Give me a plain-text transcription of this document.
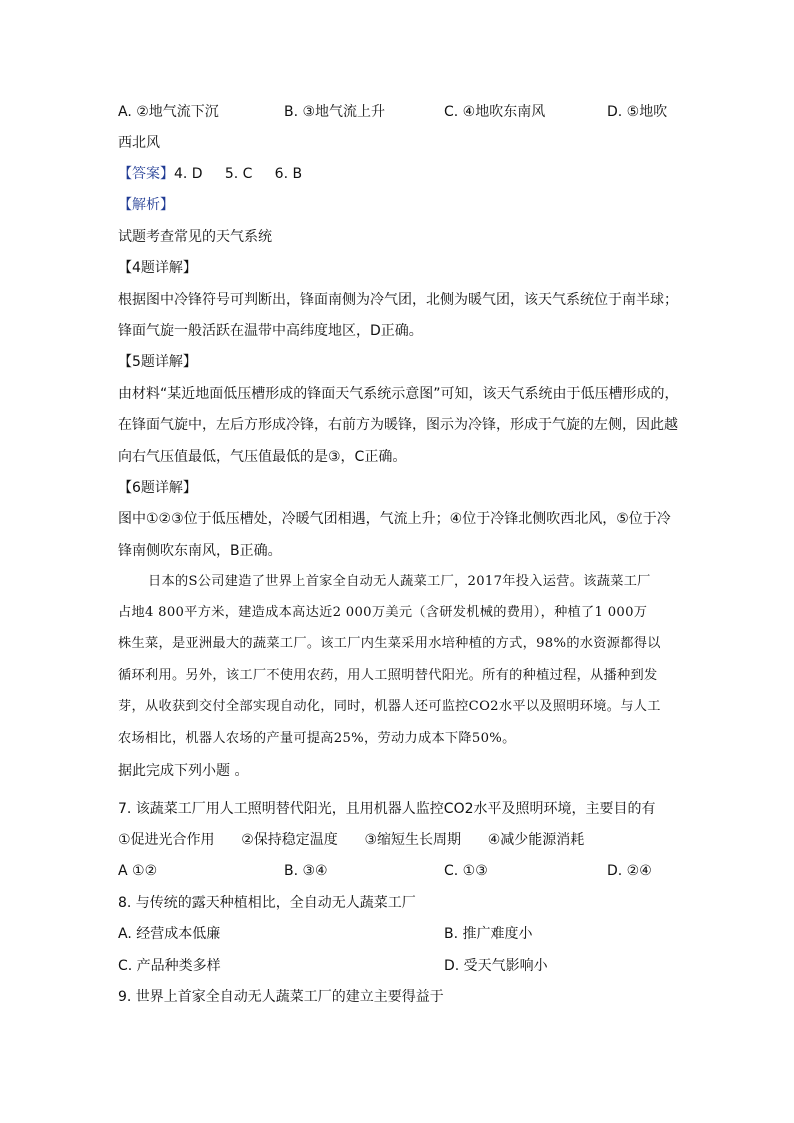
A. ②地气流下沉	B. ③地气流上升	C. ④地吹东南风	D. ⑤地吹
西北风
【答案】4. D     5. C     6. B
【解析】
试题考查常见的天气系统
【4题详解】
根据图中冷锋符号可判断出，锋面南侧为冷气团，北侧为暖气团，该天气系统位于南半球；
锋面气旋一般活跃在温带中高纬度地区，D正确。
【5题详解】
由材料“某近地面低压槽形成的锋面天气系统示意图”可知，该天气系统由于低压槽形成的，
在锋面气旋中，左后方形成冷锋，右前方为暖锋，图示为冷锋，形成于气旋的左侧，因此越
向右气压值最低，气压值最低的是③，C正确。
【6题详解】
图中①②③位于低压槽处，冷暖气团相遇，气流上升；④位于冷锋北侧吹西北风，⑤位于冷
锋南侧吹东南风，B正确。
日本的S公司建造了世界上首家全自动无人蔬菜工厂，2017年投入运营。该蔬菜工厂
占地4 800平方米，建造成本高达近2 000万美元（含研发机械的费用），种植了1 000万
株生菜，是亚洲最大的蔬菜工厂。该工厂内生菜采用水培种植的方式，98%的水资源都得以
循环利用。另外，该工厂不使用农药，用人工照明替代阳光。所有的种植过程，从播种到发
芽，从收获到交付全部实现自动化，同时，机器人还可监控CO2水平以及照明环境。与人工
农场相比，机器人农场的产量可提高25%，劳动力成本下降50%。
据此完成下列小题 。
7. 该蔬菜工厂用人工照明替代阳光，且用机器人监控CO2水平及照明环境，主要目的有
①促进光合作用      ②保持稳定温度      ③缩短生长周期      ④减少能源消耗
A ①②	B. ③④	C. ①③	D. ②④
8. 与传统的露天种植相比，全自动无人蔬菜工厂
A. 经营成本低廉	B. 推广难度小
C. 产品种类多样	D. 受天气影响小
9. 世界上首家全自动无人蔬菜工厂的建立主要得益于
